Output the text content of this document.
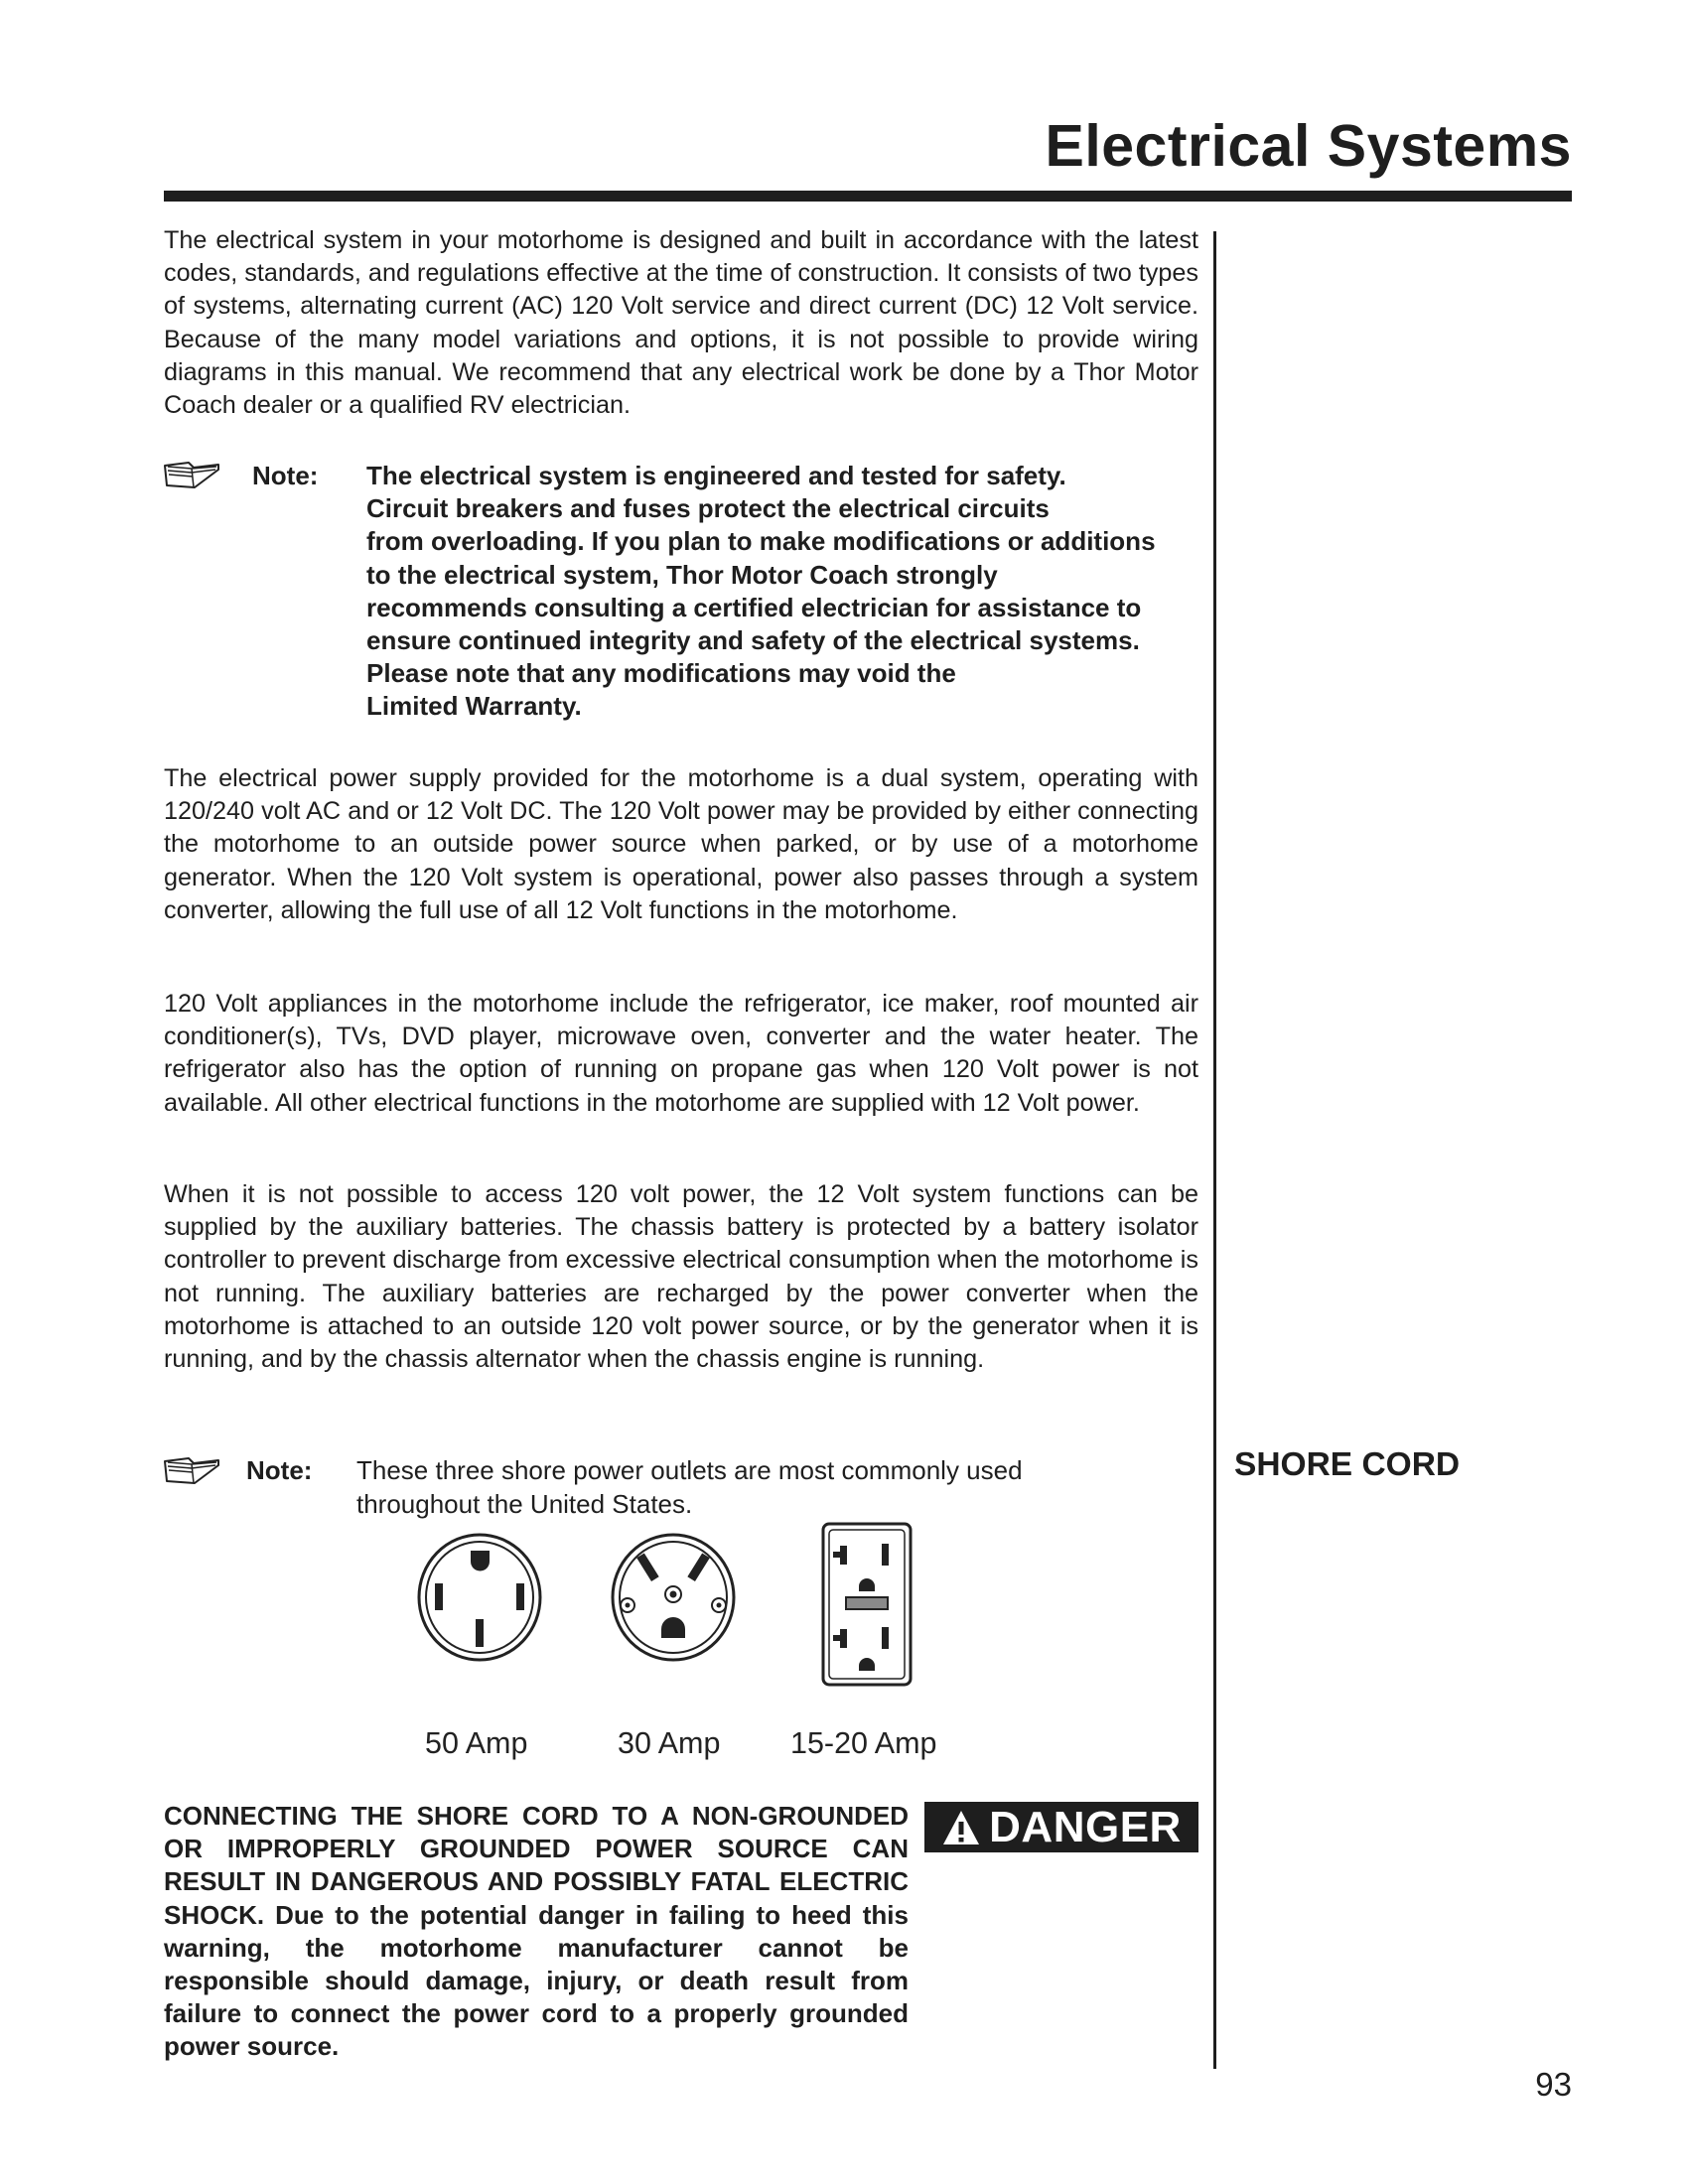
Electrical Systems

The electrical system in your motorhome is designed and built in accordance with the latest codes, standards, and regulations effective at the time of construction. It consists of two types of systems, alternating current (AC) 120 Volt service and direct current (DC) 12 Volt service. Because of the many model variations and options, it is not possible to provide wiring diagrams in this manual. We recommend that any electrical work be done by a Thor Motor Coach dealer or a qualified RV electrician.

Note: The electrical system is engineered and tested for safety.
Circuit breakers and fuses protect the electrical circuits
from overloading. If you plan to make modifications or additions
to the electrical system, Thor Motor Coach strongly
recommends consulting a certified electrician for assistance to
ensure continued integrity and safety of the electrical systems.
Please note that any modifications may void the
Limited Warranty.

The electrical power supply provided for the motorhome is a dual system, operating with 120/240 volt AC and or 12 Volt DC. The 120 Volt power may be provided by either connecting the motorhome to an outside power source when parked, or by use of a motorhome generator. When the 120 Volt system is operational, power also passes through a system converter, allowing the full use of all 12 Volt functions in the motorhome.

120 Volt appliances in the motorhome include the refrigerator, ice maker, roof mounted air conditioner(s), TVs, DVD player, microwave oven, converter and the water heater. The refrigerator also has the option of running on propane gas when 120 Volt power is not available. All other electrical functions in the motorhome are supplied with 12 Volt power.

When it is not possible to access 120 volt power, the 12 Volt system functions can be supplied by the auxiliary batteries. The chassis battery is protected by a battery isolator controller to prevent discharge from excessive electrical consumption when the motorhome is not running. The auxiliary batteries are recharged by the power converter when the motorhome is attached to an outside 120 volt power source, or by the generator when it is running, and by the chassis alternator when the chassis engine is running.

Note: These three shore power outlets are most commonly used
throughout the United States.
SHORE CORD
50 Amp	30 Amp 15-20 Amp

CONNECTING THE SHORE CORD TO A NON-GROUNDED OR IMPROPERLY GROUNDED POWER SOURCE CAN RESULT IN DANGEROUS AND POSSIBLY FATAL ELECTRIC SHOCK. Due to the potential danger in failing to heed this warning, the motorhome manufacturer cannot be responsible should damage, injury, or death result from failure to connect the power cord to a properly grounded power source.

DANGER
93
